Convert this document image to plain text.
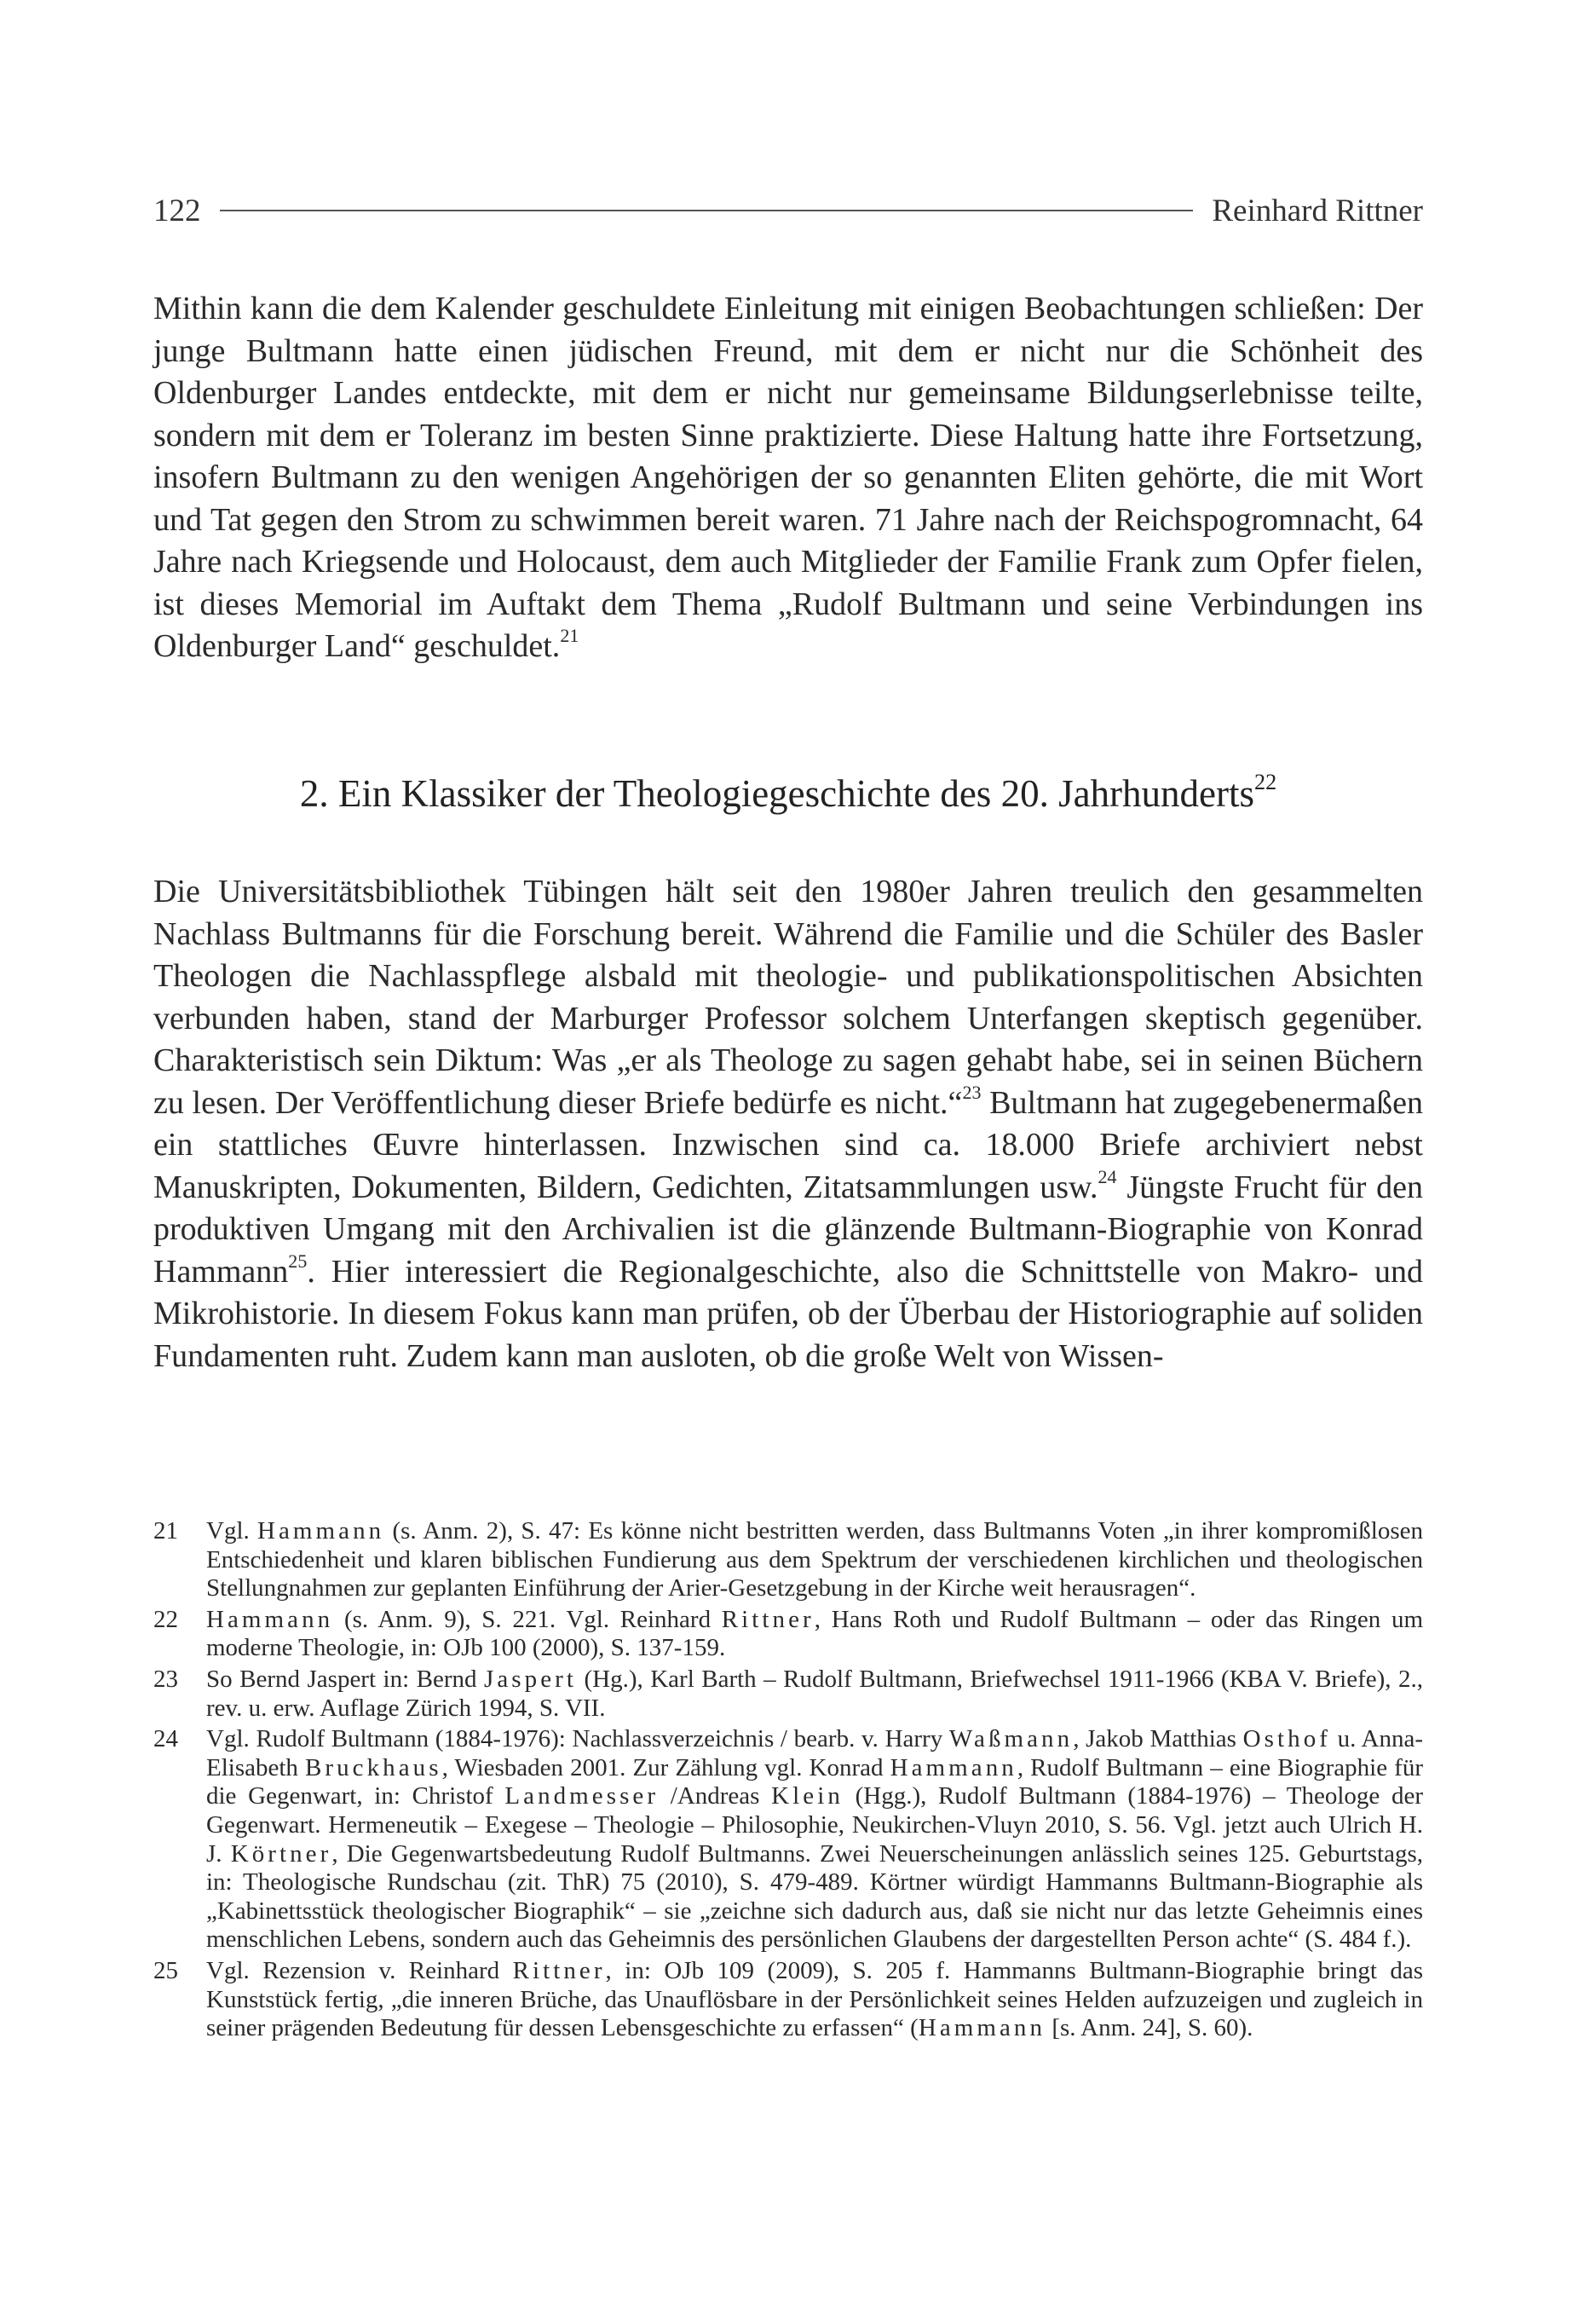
122	Reinhard Rittner

Mithin kann die dem Kalender geschuldete Einleitung mit einigen Beobachtungen schließen: Der junge Bultmann hatte einen jüdischen Freund, mit dem er nicht nur die Schönheit des Oldenburger Landes entdeckte, mit dem er nicht nur gemeinsame Bildungserlebnisse teilte, sondern mit dem er Toleranz im besten Sinne praktizierte. Diese Haltung hatte ihre Fortsetzung, insofern Bultmann zu den wenigen Angehörigen der so genannten Eliten gehörte, die mit Wort und Tat gegen den Strom zu schwimmen bereit waren. 71 Jahre nach der Reichspogromnacht, 64 Jahre nach Kriegsende und Holocaust, dem auch Mitglieder der Familie Frank zum Opfer fielen, ist dieses Memorial im Auftakt dem Thema „Rudolf Bultmann und seine Verbindungen ins Oldenburger Land“ geschuldet.$^{21}$

2. Ein Klassiker der Theologiegeschichte des 20. Jahrhunderts$^{22}$

Die Universitätsbibliothek Tübingen hält seit den 1980er Jahren treulich den gesammelten Nachlass Bultmanns für die Forschung bereit. Während die Familie und die Schüler des Basler Theologen die Nachlasspflege alsbald mit theologie- und publikationspolitischen Absichten verbunden haben, stand der Marburger Professor solchem Unterfangen skeptisch gegenüber. Charakteristisch sein Diktum: Was „er als Theologe zu sagen gehabt habe, sei in seinen Büchern zu lesen. Der Veröffentlichung dieser Briefe bedürfe es nicht.“$^{23}$ Bultmann hat zugegebenermaßen ein stattliches Œuvre hinterlassen. Inzwischen sind ca. 18.000 Briefe archiviert nebst Manuskripten, Dokumenten, Bildern, Gedichten, Zitatsammlungen usw.$^{24}$ Jüngste Frucht für den produktiven Umgang mit den Archivalien ist die glänzende Bultmann-Biographie von Konrad Hammann$^{25}$. Hier interessiert die Regionalgeschichte, also die Schnittstelle von Makro- und Mikrohistorie. In diesem Fokus kann man prüfen, ob der Überbau der Historiographie auf soliden Fundamenten ruht. Zudem kann man ausloten, ob die große Welt von Wissen-

21	Vgl. Hammann (s. Anm. 2), S. 47: Es könne nicht bestritten werden, dass Bultmanns Voten „in ihrer kompromißlosen Entschiedenheit und klaren biblischen Fundierung aus dem Spektrum der verschiedenen kirchlichen und theologischen Stellungnahmen zur geplanten Einführung der Arier-Gesetzgebung in der Kirche weit herausragen“.
22	Hammann (s. Anm. 9), S. 221. Vgl. Reinhard Rittner, Hans Roth und Rudolf Bultmann – oder das Ringen um moderne Theologie, in: OJb 100 (2000), S. 137-159.
23	So Bernd Jaspert in: Bernd Jaspert (Hg.), Karl Barth – Rudolf Bultmann, Briefwechsel 1911-1966 (KBA V. Briefe), 2., rev. u. erw. Auflage Zürich 1994, S. VII.
24	Vgl. Rudolf Bultmann (1884-1976): Nachlassverzeichnis / bearb. v. Harry Waßmann, Jakob Matthias Osthof u. Anna-Elisabeth Bruckhaus, Wiesbaden 2001. Zur Zählung vgl. Konrad Hammann, Rudolf Bultmann – eine Biographie für die Gegenwart, in: Christof Landmesser /Andreas Klein (Hgg.), Rudolf Bultmann (1884-1976) – Theologe der Gegenwart. Hermeneutik – Exegese – Theologie – Philosophie, Neukirchen-Vluyn 2010, S. 56. Vgl. jetzt auch Ulrich H. J. Körtner, Die Gegenwartsbedeutung Rudolf Bultmanns. Zwei Neuerscheinungen anlässlich seines 125. Geburtstags, in: Theologische Rundschau (zit. ThR) 75 (2010), S. 479-489. Körtner würdigt Hammanns Bultmann-Biographie als „Kabinettsstück theologischer Biographik“ – sie „zeichne sich dadurch aus, daß sie nicht nur das letzte Geheimnis eines menschlichen Lebens, sondern auch das Geheimnis des persönlichen Glaubens der dargestellten Person achte“ (S. 484 f.).
25	Vgl. Rezension v. Reinhard Rittner, in: OJb 109 (2009), S. 205 f. Hammanns Bultmann-Biographie bringt das Kunststück fertig, „die inneren Brüche, das Unauflösbare in der Persönlichkeit seines Helden aufzuzeigen und zugleich in seiner prägenden Bedeutung für dessen Lebensgeschichte zu erfassen“ (Hammann [s. Anm. 24], S. 60).
